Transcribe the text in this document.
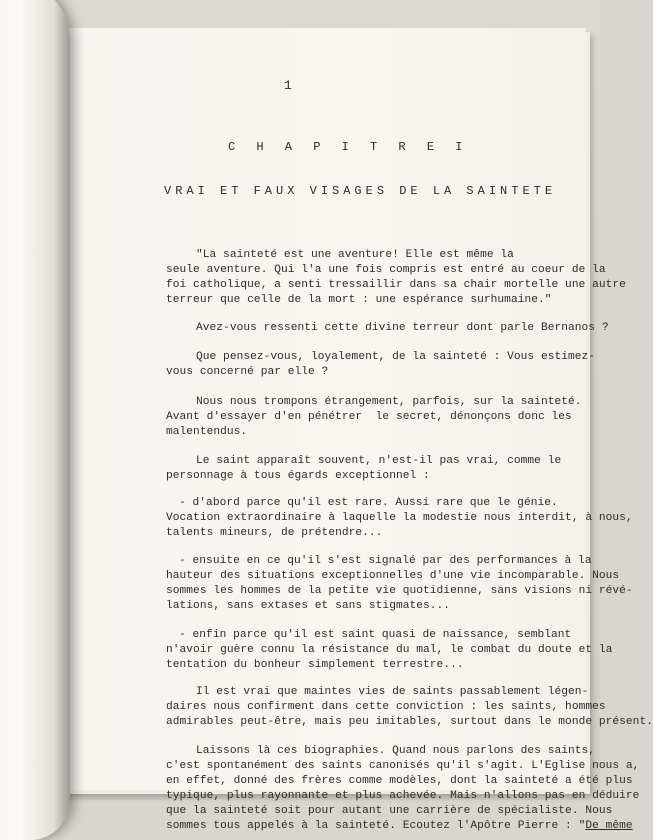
1
C H A P I T R E I
VRAI ET FAUX VISAGES DE LA SAINTETE
"La sainteté est une aventure! Elle est même la
seule aventure. Qui l'a une fois compris est entré au coeur de la
foi catholique, a senti tressaillir dans sa chair mortelle une autre
terreur que celle de la mort : une espérance surhumaine."
Avez-vous ressenti cette divine terreur dont parle Bernanos ?
Que pensez-vous, loyalement, de la sainteté : Vous estimez-
vous concerné par elle ?
Nous nous trompons étrangement, parfois, sur la sainteté.
Avant d'essayer d'en pénétrer  le secret, dénonçons donc les
malentendus.
Le saint apparaît souvent, n'est-il pas vrai, comme le
personnage à tous égards exceptionnel :
- d'abord parce qu'il est rare. Aussi rare que le génie.
Vocation extraordinaire à laquelle la modestie nous interdit, à nous,
talents mineurs, de prétendre...
- ensuite en ce qu'il s'est signalé par des performances à la
hauteur des situations exceptionnelles d'une vie incomparable. Nous
sommes les hommes de la petite vie quotidienne, sans visions ni révé-
lations, sans extases et sans stigmates...
- enfin parce qu'il est saint quasi de naissance, semblant
n'avoir guère connu la résistance du mal, le combat du doute et la
tentation du bonheur simplement terrestre...
Il est vrai que maintes vies de saints passablement légen-
daires nous confirment dans cette conviction : les saints, hommes
admirables peut-être, mais peu imitables, surtout dans le monde présent.
Laissons là ces biographies. Quand nous parlons des saints,
c'est spontanément des saints canonisés qu'il s'agit. L'Eglise nous a,
en effet, donné des frères comme modèles, dont la sainteté a été plus
typique, plus rayonnante et plus achevée. Mais n'allons pas en déduire
que la sainteté soit pour autant une carrière de spécialiste. Nous
sommes tous appelés à la sainteté. Ecoutez l'Apôtre Pierre : "De même
